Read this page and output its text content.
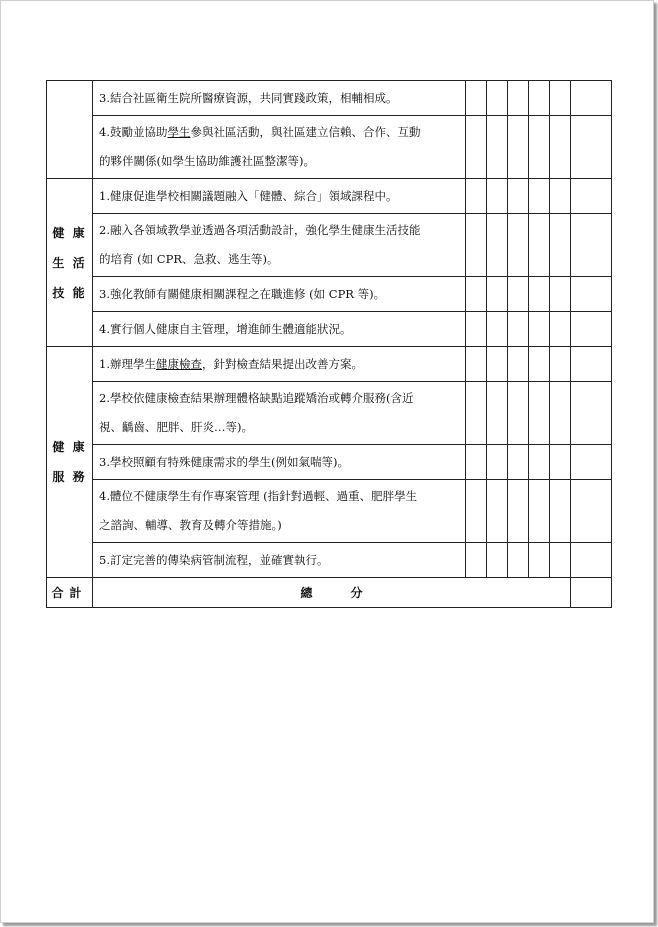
	3.結合社區衛生院所醫療資源，共同實踐政策，相輔相成。						
	4.鼓勵並協助學生參與社區活動，與社區建立信賴、合作、互動
的夥伴關係(如學生協助維護社區整潔等)。						

健 康
生 活
技 能	1.健康促進學校相關議題融入「健體、綜合」領域課程中。						
	2.融入各領域教學並透過各項活動設計，強化學生健康生活技能
的培育 (如 CPR、急救、逃生等)。						
	3.強化教師有關健康相關課程之在職進修 (如 CPR 等)。						
	4.實行個人健康自主管理，增進師生體適能狀況。						

健 康
服 務	1.辦理學生健康檢查，針對檢查結果提出改善方案。						
	2.學校依健康檢查結果辦理體格缺點追蹤矯治或轉介服務(含近
視、齲齒、肥胖、肝炎…等)。						
	3.學校照顧有特殊健康需求的學生(例如氣喘等)。						
	4.體位不健康學生有作專案管理 (指針對過輕、過重、肥胖學生
之諮詢、輔導、教育及轉介等措施。)						
	5.訂定完善的傳染病管制流程，並確實執行。						
合計	總分						
